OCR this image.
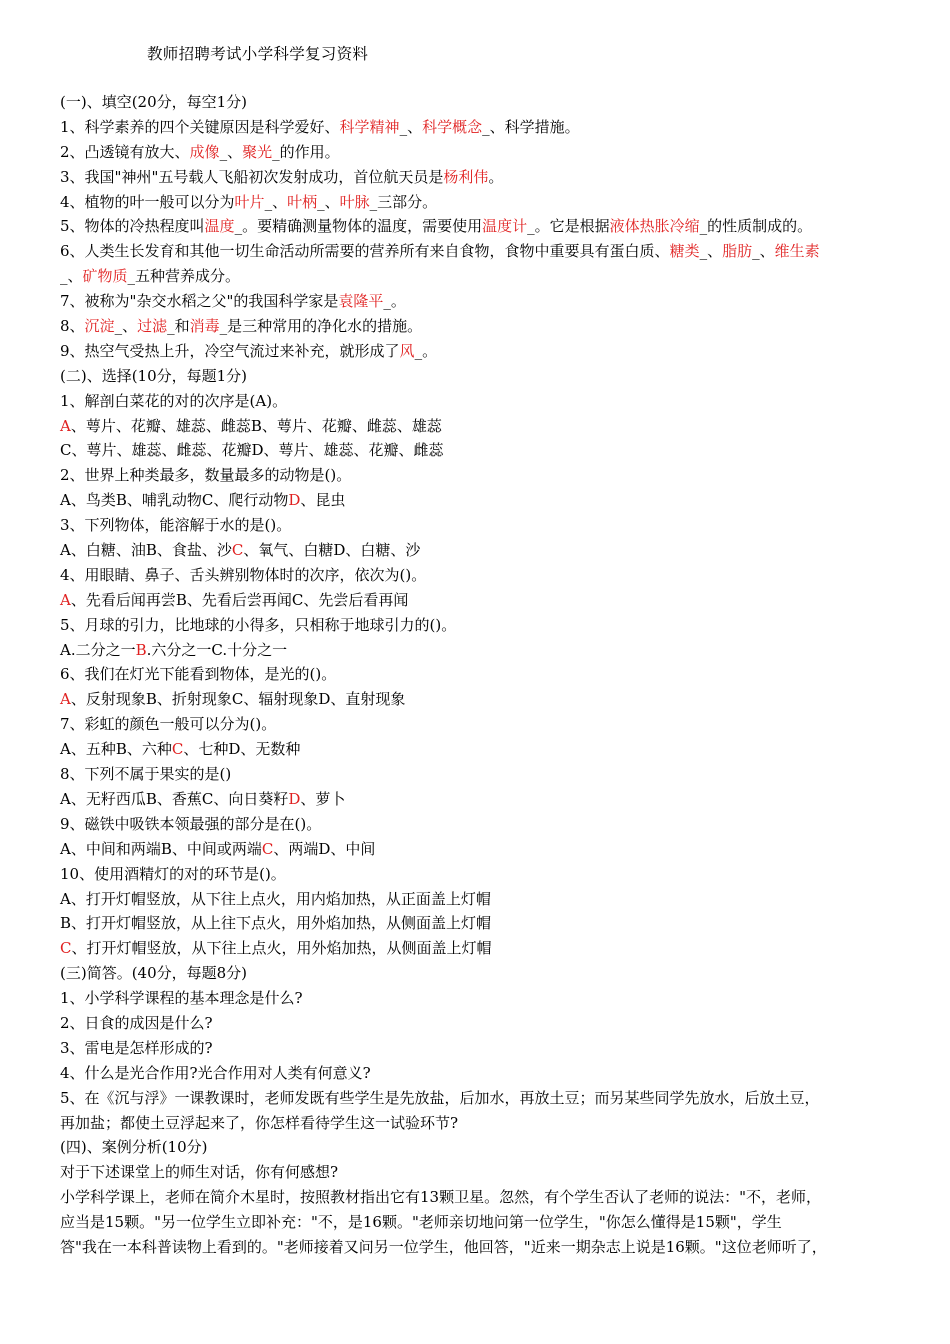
教师招聘考试小学科学复习资料
(一)、填空(20分，每空1分)
1、科学素养的四个关键原因是科学爱好、科学精神_、科学概念_、科学措施。
2、凸透镜有放大、成像_、聚光_的作用。
3、我国"神州"五号载人飞船初次发射成功，首位航天员是杨利伟。
4、植物的叶一般可以分为叶片_、叶柄_、叶脉_三部分。
5、物体的冷热程度叫温度_。要精确测量物体的温度，需要使用温度计_。它是根据液体热胀冷缩_的性质制成的。
6、人类生长发育和其他一切生命活动所需要的营养所有来自食物，食物中重要具有蛋白质、糖类_、脂肪_、维生素
_、矿物质_五种营养成分。
7、被称为"杂交水稻之父"的我国科学家是袁隆平_。
8、沉淀_、过滤_和消毒_是三种常用的净化水的措施。
9、热空气受热上升，冷空气流过来补充，就形成了风_。
(二)、选择(10分，每题1分)
1、解剖白菜花的对的次序是(A)。
A、萼片、花瓣、雄蕊、雌蕊B、萼片、花瓣、雌蕊、雄蕊
C、萼片、雄蕊、雌蕊、花瓣D、萼片、雄蕊、花瓣、雌蕊
2、世界上种类最多，数量最多的动物是()。
A、鸟类B、哺乳动物C、爬行动物D、昆虫
3、下列物体，能溶解于水的是()。
A、白糖、油B、食盐、沙C、氧气、白糖D、白糖、沙
4、用眼睛、鼻子、舌头辨别物体时的次序，依次为()。
A、先看后闻再尝B、先看后尝再闻C、先尝后看再闻
5、月球的引力，比地球的小得多，只相称于地球引力的()。
A.二分之一B.六分之一C.十分之一
6、我们在灯光下能看到物体，是光的()。
A、反射现象B、折射现象C、辐射现象D、直射现象
7、彩虹的颜色一般可以分为()。
A、五种B、六种C、七种D、无数种
8、下列不属于果实的是()
A、无籽西瓜B、香蕉C、向日葵籽D、萝卜
9、磁铁中吸铁本领最强的部分是在()。
A、中间和两端B、中间或两端C、两端D、中间
10、使用酒精灯的对的环节是()。
A、打开灯帽竖放，从下往上点火，用内焰加热，从正面盖上灯帽
B、打开灯帽竖放，从上往下点火，用外焰加热，从侧面盖上灯帽
C、打开灯帽竖放，从下往上点火，用外焰加热，从侧面盖上灯帽
(三)简答。(40分，每题8分)
1、小学科学课程的基本理念是什么?
2、日食的成因是什么?
3、雷电是怎样形成的?
4、什么是光合作用?光合作用对人类有何意义?
5、在《沉与浮》一课教课时，老师发既有些学生是先放盐，后加水，再放土豆；而另某些同学先放水，后放土豆，
再加盐；都使土豆浮起来了，你怎样看待学生这一试验环节?
(四)、案例分析(10分)
对于下述课堂上的师生对话，你有何感想?
小学科学课上，老师在简介木星时，按照教材指出它有13颗卫星。忽然，有个学生否认了老师的说法："不，老师，
应当是15颗。"另一位学生立即补充："不，是16颗。"老师亲切地问第一位学生，"你怎么懂得是15颗"，学生
答"我在一本科普读物上看到的。"老师接着又问另一位学生，他回答，"近来一期杂志上说是16颗。"这位老师听了，
